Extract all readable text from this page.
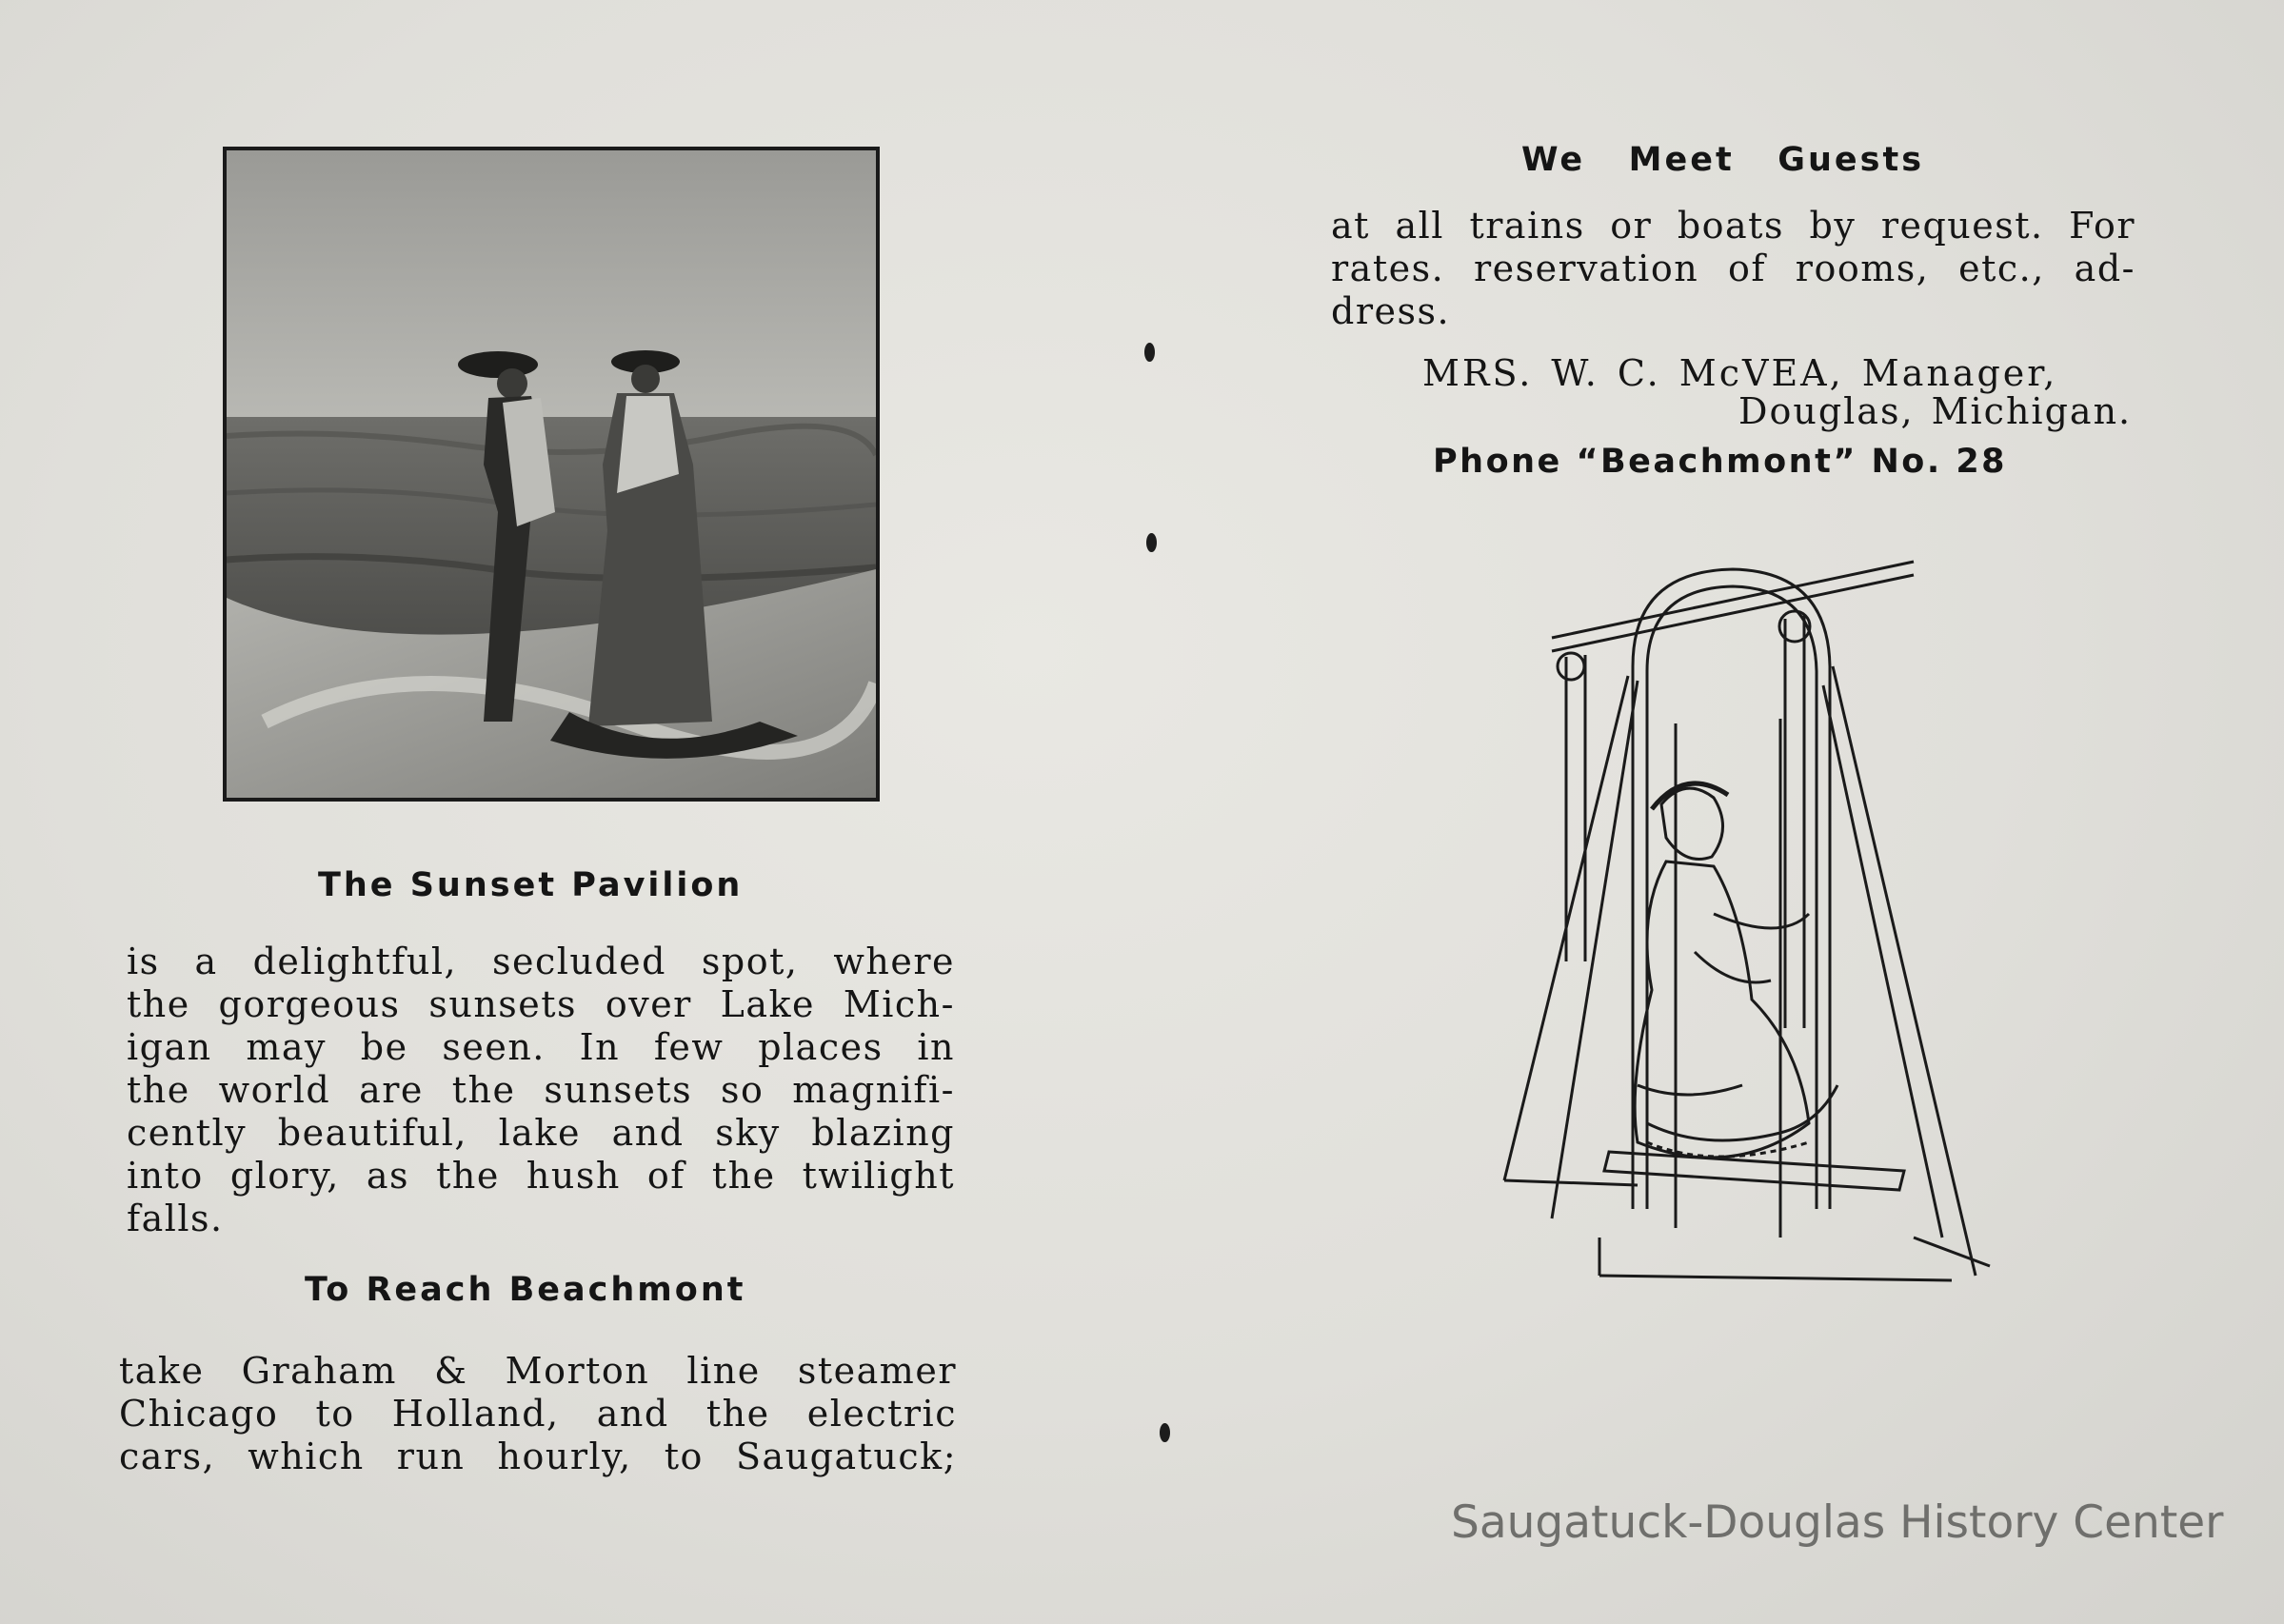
The Sunset Pavilion
is a delightful, secluded spot, where
the gorgeous sunsets over Lake Mich-
igan may be seen. In few places in
the world are the sunsets so magnifi-
cently beautiful, lake and sky blazing
into glory, as the hush of the twilight
falls.
To Reach Beachmont
take Graham & Morton line steamer
Chicago to Holland, and the electric
cars, which run hourly, to Saugatuck;
We   Meet   Guests
at all trains or boats by request. For
rates. reservation of rooms, etc., ad-
dress.
MRS. W. C. McVEA, Manager,
Douglas, Michigan.
Phone “Beachmont” No. 28
Saugatuck-Douglas History Center
